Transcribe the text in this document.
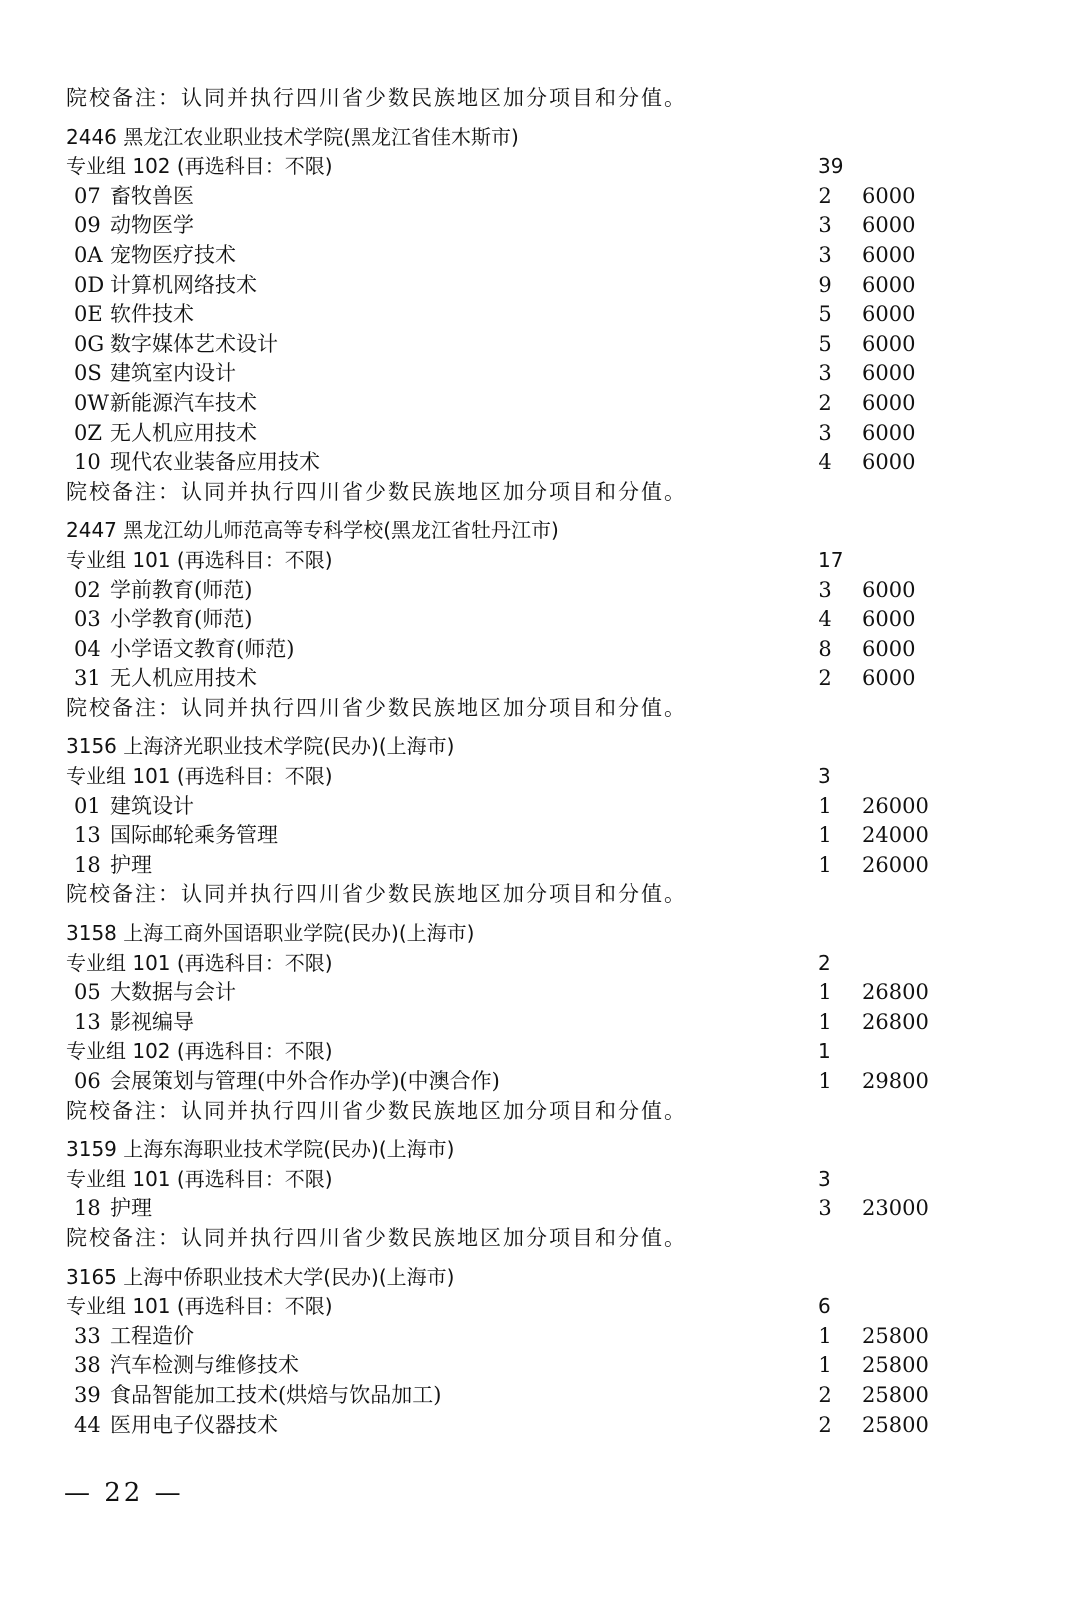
院校备注：认同并执行四川省少数民族地区加分项目和分值。
2446 黑龙江农业职业技术学院(黑龙江省佳木斯市)
专业组 102 (再选科目：不限)	39
07 畜牧兽医	2 6000
09 动物医学	3 6000
0A 宠物医疗技术	3 6000
0D 计算机网络技术	9 6000
0E 软件技术	5 6000
0G 数字媒体艺术设计	5 6000
0S 建筑室内设计	3 6000
0W新能源汽车技术	2 6000
0Z 无人机应用技术	3 6000
10 现代农业装备应用技术	4 6000
院校备注：认同并执行四川省少数民族地区加分项目和分值。
2447 黑龙江幼儿师范高等专科学校(黑龙江省牡丹江市)
专业组 101 (再选科目：不限)	17
02 学前教育(师范)	3 6000
03 小学教育(师范)	4 6000
04 小学语文教育(师范)	8 6000
31 无人机应用技术	2 6000
院校备注：认同并执行四川省少数民族地区加分项目和分值。
3156 上海济光职业技术学院(民办)(上海市)
专业组 101 (再选科目：不限)	3
01 建筑设计	1 26000
13 国际邮轮乘务管理	1 24000
18 护理	1 26000
院校备注：认同并执行四川省少数民族地区加分项目和分值。
3158 上海工商外国语职业学院(民办)(上海市)
专业组 101 (再选科目：不限)	2
05 大数据与会计	1 26800
13 影视编导	1 26800
专业组 102 (再选科目：不限)	1
06 会展策划与管理(中外合作办学)(中澳合作)	1 29800
院校备注：认同并执行四川省少数民族地区加分项目和分值。
3159 上海东海职业技术学院(民办)(上海市)
专业组 101 (再选科目：不限)	3
18 护理	3 23000
院校备注：认同并执行四川省少数民族地区加分项目和分值。
3165 上海中侨职业技术大学(民办)(上海市)
专业组 101 (再选科目：不限)	6
33 工程造价	1 25800
38 汽车检测与维修技术	1 25800
39 食品智能加工技术(烘焙与饮品加工)	2 25800
44 医用电子仪器技术	2 25800
— 22 —
